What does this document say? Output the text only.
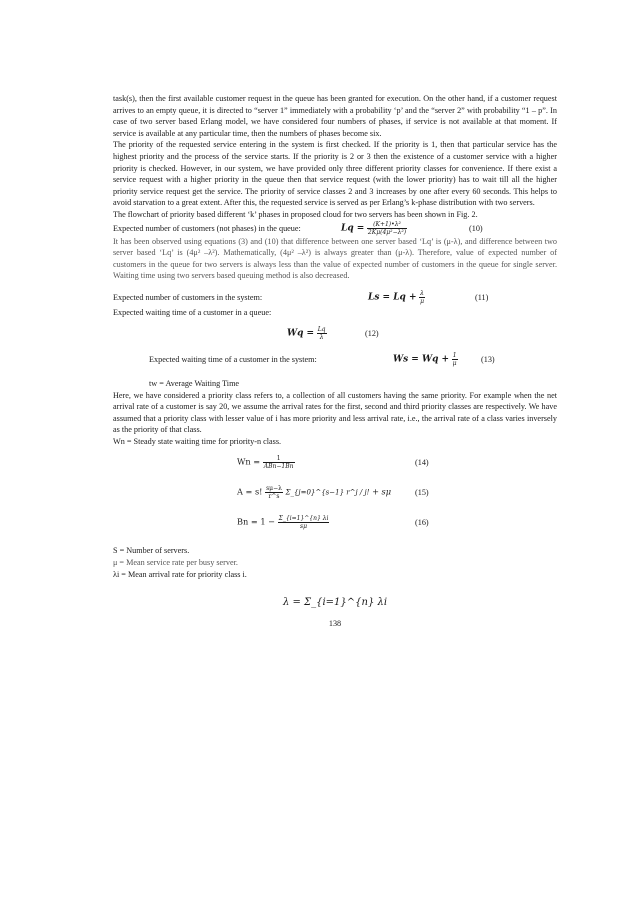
task(s), then the first available customer request in the queue has been granted for execution. On the other hand, if a customer request arrives to an empty queue, it is directed to “server 1” immediately with a probability ‘p’ and the “server 2” with probability “1 – p”. In case of two server based Erlang model, we have considered four numbers of phases, if service is not available at that moment. If service is available at any particular time, then the numbers of phases become six.

The priority of the requested service entering in the system is first checked. If the priority is 1, then that particular service has the highest priority and the process of the service starts. If the priority is 2 or 3 then the existence of a customer service with a higher priority is checked. However, in our system, we have provided only three different priority classes for convenience. If there exist a service request with a higher priority in the queue then that service request (with the lower priority) has to wait till all the higher priority service request get the service. The priority of service classes 2 and 3 increases by one after every 60 seconds. This helps to avoid starvation to a great extent. After this, the requested service is served as per Erlang’s k-phase distribution with two servers.

The flowchart of priority based different ‘k’ phases in proposed cloud for two servers has been shown in Fig. 2.

Expected number of customers (not phases) in the queue:	$Lq = \frac{\text{(K+1)•λ²}}{\text{2Kμ(4μ²−λ²)}}$	(10)

It has been observed using equations (3) and (10) that difference between one server based ‘Lq’ is (μ-λ), and difference between two server based ‘Lq’ is (4μ² –λ²). Mathematically, (4μ² –λ²) is always greater than (μ-λ). Therefore, value of expected number of customers in the queue for two servers is always less than the value of expected number of customers in the queue for single server. Waiting time using two servers based queuing method is also decreased.

Expected number of customers in the system:	$Ls = Lq + \frac{\lambda}{\mu}$	(11)
Expected waiting time of a customer in a queue:
$Wq = \frac{Lq}{\lambda}$	(12)
Expected waiting time of a customer in the system:	$Ws = Wq + \frac{1}{\mu}$	(13)

tw = Average Waiting Time

Here, we have considered a priority class refers to, a collection of all customers having the same priority. For example when the net arrival rate of a customer is say 20, we assume the arrival rates for the first, second and third priority classes are respectively. We have assumed that a priority class with lesser value of i has more priority and less arrival rate, i.e., the arrival rate of a class varies inversely as the priority of that class.

Wn = Steady state waiting time for priority-n class.

$Wn = \frac{1}{\text{ABn−1Bn}}$	(14)
A = s! $\frac{s\mu-\lambda}{r\^{}s}$ Σ_{j=0}^{s−1} r^j / j! + sμ	(15)
$Bn = 1 - \frac{\Sigma\_\{i=1\}\^{}\{n\} \lambda i}{s\mu}$	(16)

S = Number of servers.

μ = Mean service rate per busy server.

λi = Mean arrival rate for priority class i.

λ = Σ_{i=1}^{n} λi
138
